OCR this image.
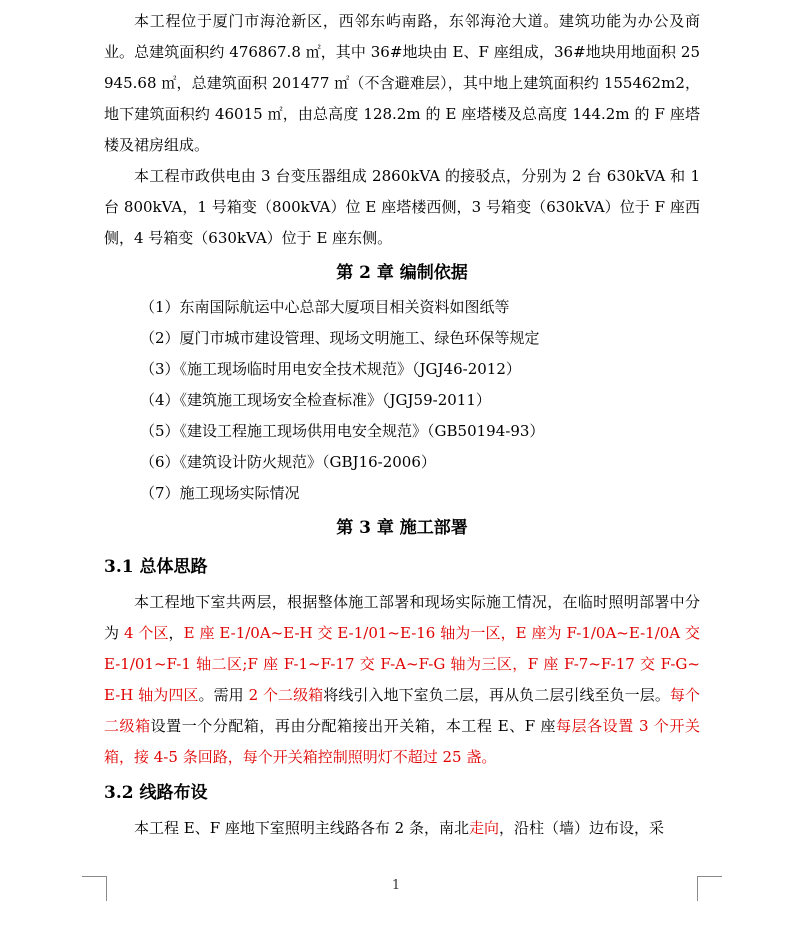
本工程位于厦门市海沧新区，西邻东屿南路，东邻海沧大道。建筑功能为办公及商业。总建筑面积约 476867.8 ㎡，其中 36#地块由 E、F 座组成，36#地块用地面积 25945.68 ㎡，总建筑面积 201477 ㎡（不含避难层），其中地上建筑面积约 155462m2，地下建筑面积约 46015 ㎡，由总高度 128.2m 的 E 座塔楼及总高度 144.2m 的 F 座塔楼及裙房组成。

本工程市政供电由 3 台变压器组成 2860kVA 的接驳点，分别为 2 台 630kVA 和 1 台 800kVA，1 号箱变（800kVA）位 E 座塔楼西侧，3 号箱变（630kVA）位于 F 座西侧，4 号箱变（630kVA）位于 E 座东侧。

第 2 章 编制依据

（1）东南国际航运中心总部大厦项目相关资料如图纸等

（2）厦门市城市建设管理、现场文明施工、绿色环保等规定

（3）《施工现场临时用电安全技术规范》（JGJ46-2012）

（4）《建筑施工现场安全检查标准》（JGJ59-2011）

（5）《建设工程施工现场供用电安全规范》（GB50194-93）

（6）《建筑设计防火规范》（GBJ16-2006）

（7）施工现场实际情况

第 3 章 施工部署
3.1 总体思路

本工程地下室共两层，根据整体施工部署和现场实际施工情况，在临时照明部署中分为 4 个区，E 座 E-1/0A~E-H 交 E-1/01~E-16 轴为一区，E 座为 F-1/0A~E-1/0A 交 E-1/01~F-1 轴二区;F 座 F-1~F-17 交 F-A~F-G 轴为三区，F 座 F-7~F-17 交 F-G~E-H 轴为四区。需用 2 个二级箱将线引入地下室负二层，再从负二层引线至负一层。每个二级箱设置一个分配箱，再由分配箱接出开关箱，本工程 E、F 座每层各设置 3 个开关箱，接 4-5 条回路，每个开关箱控制照明灯不超过 25 盏。

3.2 线路布设

本工程 E、F 座地下室照明主线路各布 2 条，南北走向，沿柱（墙）边布设，采

1
